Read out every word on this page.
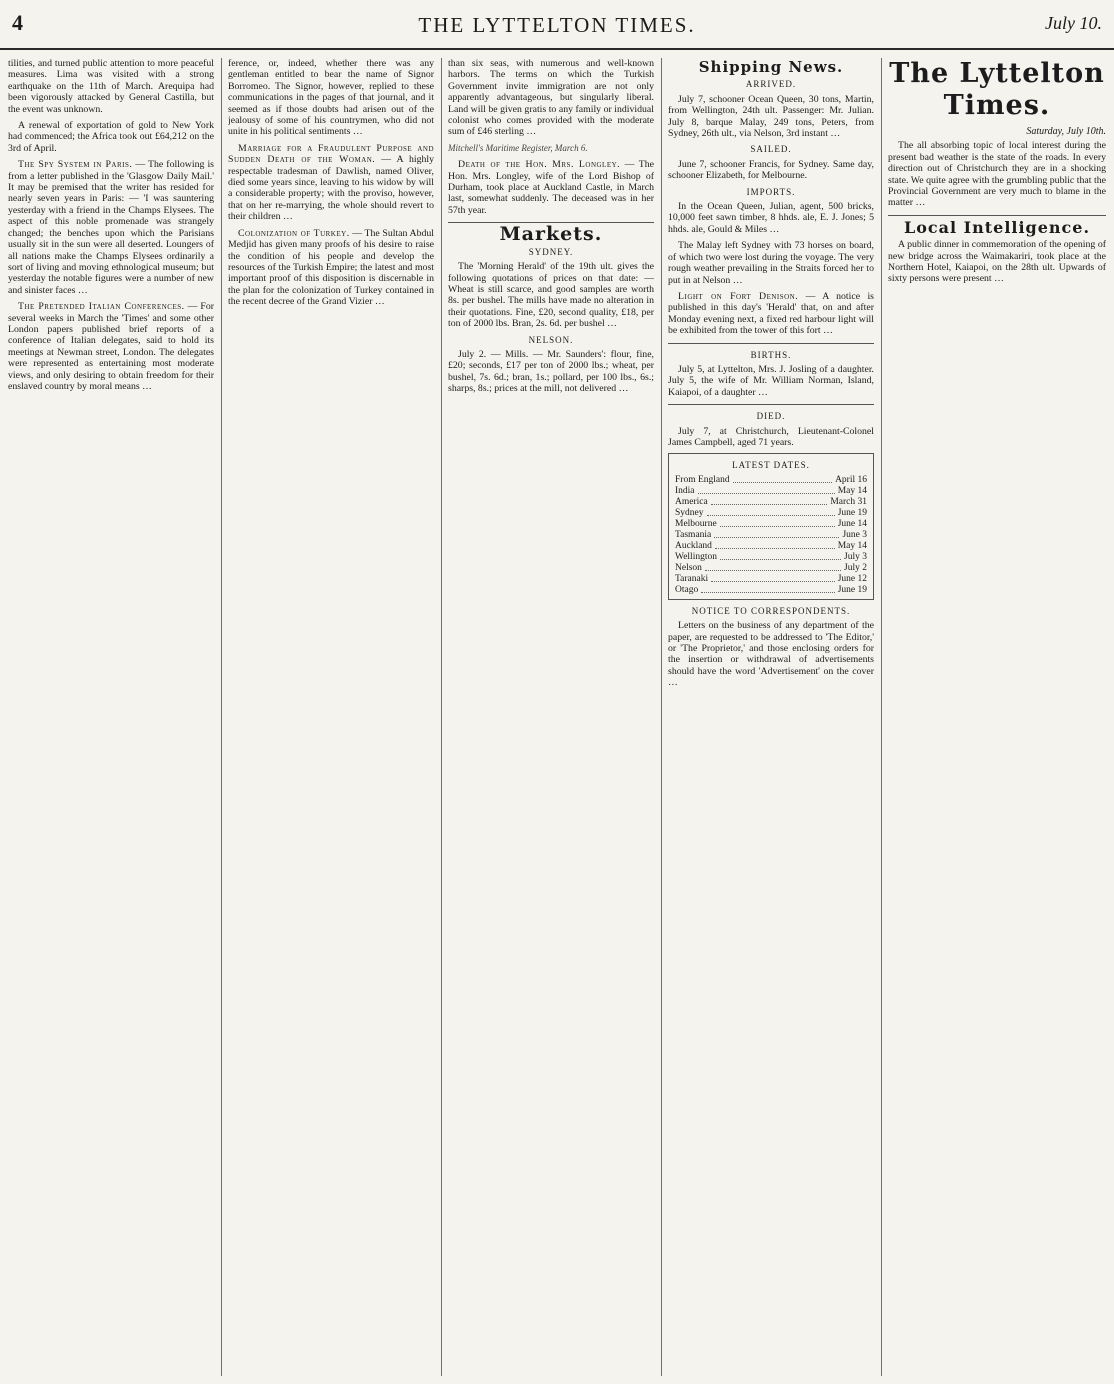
4	THE LYTTELTON TIMES.	July 10.

tilities, and turned public attention to more peaceful measures. Lima was visited with a strong earthquake on the 11th of March. Arequipa had been vigorously attacked by General Castilla, but the event was unknown.

A renewal of exportation of gold to New York had commenced; the Africa took out £64,212 on the 3rd of April.

The Spy System in Paris. — The following is from a letter published in the 'Glasgow Daily Mail.' It may be premised that the writer has resided for nearly seven years in Paris: — 'I was sauntering yesterday with a friend in the Champs Elysees. The aspect of this noble promenade was strangely changed; the benches upon which the Parisians usually sit in the sun were all deserted. Loungers of all nations make the Champs Elysees ordinarily a sort of living and moving ethnological museum; but yesterday the notable figures were a number of new and sinister faces …

The Pretended Italian Conferences. — For several weeks in March the 'Times' and some other London papers published brief reports of a conference of Italian delegates, said to hold its meetings at Newman street, London. The delegates were represented as entertaining most moderate views, and only desiring to obtain freedom for their enslaved country by moral means …

ference, or, indeed, whether there was any gentleman entitled to bear the name of Signor Borromeo. The Signor, however, replied to these communications in the pages of that journal, and it seemed as if those doubts had arisen out of the jealousy of some of his countrymen, who did not unite in his political sentiments …

Marriage for a Fraudulent Purpose and Sudden Death of the Woman. — A highly respectable tradesman of Dawlish, named Oliver, died some years since, leaving to his widow by will a considerable property; with the proviso, however, that on her re-marrying, the whole should revert to their children …

Colonization of Turkey. — The Sultan Abdul Medjid has given many proofs of his desire to raise the condition of his people and develop the resources of the Turkish Empire; the latest and most important proof of this disposition is discernable in the plan for the colonization of Turkey contained in the recent decree of the Grand Vizier …

than six seas, with numerous and well-known harbors. The terms on which the Turkish Government invite immigration are not only apparently advantageous, but singularly liberal. Land will be given gratis to any family or individual colonist who comes provided with the moderate sum of £46 sterling …

Mitchell's Maritime Register, March 6.

Death of the Hon. Mrs. Longley. — The Hon. Mrs. Longley, wife of the Lord Bishop of Durham, took place at Auckland Castle, in March last, somewhat suddenly. The deceased was in her 57th year.

Markets.
SYDNEY.

The 'Morning Herald' of the 19th ult. gives the following quotations of prices on that date: — Wheat is still scarce, and good samples are worth 8s. per bushel. The mills have made no alteration in their quotations. Fine, £20, second quality, £18, per ton of 2000 lbs. Bran, 2s. 6d. per bushel …

NELSON.

July 2. — Mills. — Mr. Saunders': flour, fine, £20; seconds, £17 per ton of 2000 lbs.; wheat, per bushel, 7s. 6d.; bran, 1s.; pollard, per 100 lbs., 6s.; sharps, 8s.; prices at the mill, not delivered …

Shipping News.
ARRIVED.

July 7, schooner Ocean Queen, 30 tons, Martin, from Wellington, 24th ult. Passenger: Mr. Julian. July 8, barque Malay, 249 tons, Peters, from Sydney, 26th ult., via Nelson, 3rd instant …

SAILED.

June 7, schooner Francis, for Sydney. Same day, schooner Elizabeth, for Melbourne.

IMPORTS.

In the Ocean Queen, Julian, agent, 500 bricks, 10,000 feet sawn timber, 8 hhds. ale, E. J. Jones; 5 hhds. ale, Gould & Miles …

The Malay left Sydney with 73 horses on board, of which two were lost during the voyage. The very rough weather prevailing in the Straits forced her to put in at Nelson …

Light on Fort Denison. — A notice is published in this day's 'Herald' that, on and after Monday evening next, a fixed red harbour light will be exhibited from the tower of this fort …

BIRTHS.

July 5, at Lyttelton, Mrs. J. Josling of a daughter. July 5, the wife of Mr. William Norman, Island, Kaiapoi, of a daughter …

DIED.

July 7, at Christchurch, Lieutenant-Colonel James Campbell, aged 71 years.

LATEST DATES.
From England	April 16
India	May 14
America	March 31
Sydney	June 19
Melbourne	June 14
Tasmania	June 3
Auckland	May 14
Wellington	July 3
Nelson	July 2
Taranaki	June 12
Otago	June 19
NOTICE TO CORRESPONDENTS.

Letters on the business of any department of the paper, are requested to be addressed to 'The Editor,' or 'The Proprietor,' and those enclosing orders for the insertion or withdrawal of advertisements should have the word 'Advertisement' on the cover …

The Lyttelton Times.
Saturday, July 10th.

The all absorbing topic of local interest during the present bad weather is the state of the roads. In every direction out of Christchurch they are in a shocking state. We quite agree with the grumbling public that the Provincial Government are very much to blame in the matter …

Local Intelligence.

A public dinner in commemoration of the opening of new bridge across the Waimakariri, took place at the Northern Hotel, Kaiapoi, on the 28th ult. Upwards of sixty persons were present …
